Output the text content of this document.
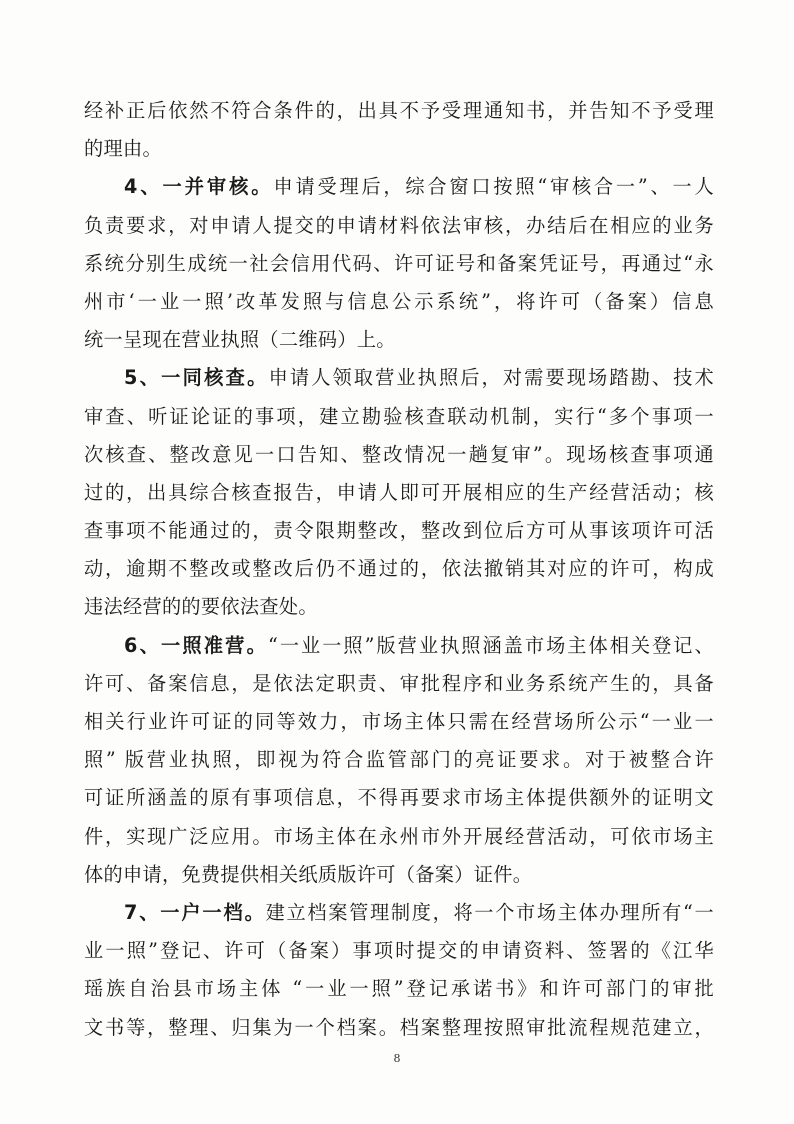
经补正后依然不符合条件的，出具不予受理通知书，并告知不予受理
的理由。
4、一并审核。申请受理后，综合窗口按照“审核合一”、一人
负责要求，对申请人提交的申请材料依法审核，办结后在相应的业务
系统分别生成统一社会信用代码、许可证号和备案凭证号，再通过“永
州市‘一业一照’改革发照与信息公示系统”，将许可（备案）信息
统一呈现在营业执照（二维码）上。
5、一同核查。申请人领取营业执照后，对需要现场踏勘、技术
审查、听证论证的事项，建立勘验核查联动机制，实行“多个事项一
次核查、整改意见一口告知、整改情况一趟复审”。现场核查事项通
过的，出具综合核查报告，申请人即可开展相应的生产经营活动；核
查事项不能通过的，责令限期整改，整改到位后方可从事该项许可活
动，逾期不整改或整改后仍不通过的，依法撤销其对应的许可，构成
违法经营的的要依法查处。
6、一照准营。“一业一照”版营业执照涵盖市场主体相关登记、
许可、备案信息，是依法定职责、审批程序和业务系统产生的，具备
相关行业许可证的同等效力，市场主体只需在经营场所公示“一业一
照” 版营业执照，即视为符合监管部门的亮证要求。对于被整合许
可证所涵盖的原有事项信息，不得再要求市场主体提供额外的证明文
件，实现广泛应用。市场主体在永州市外开展经营活动，可依市场主
体的申请，免费提供相关纸质版许可（备案）证件。
7、一户一档。建立档案管理制度，将一个市场主体办理所有“一
业一照”登记、许可（备案）事项时提交的申请资料、签署的《江华
瑶族自治县市场主体 “一业一照”登记承诺书》和许可部门的审批
文书等，整理、归集为一个档案。档案整理按照审批流程规范建立，
8
